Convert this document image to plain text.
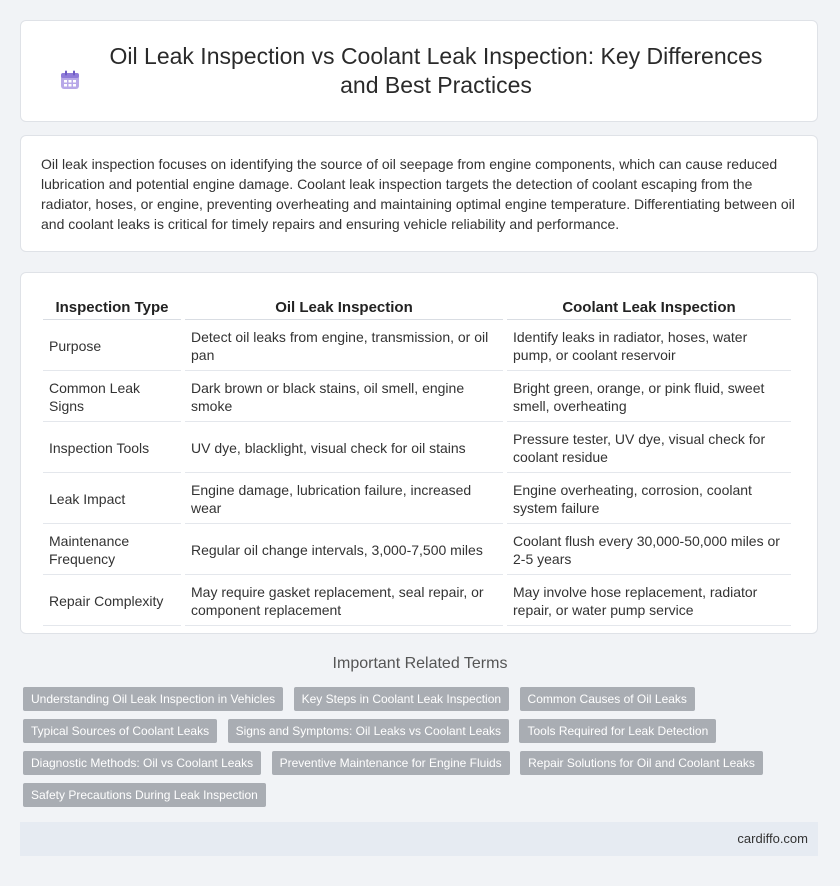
Oil Leak Inspection vs Coolant Leak Inspection: Key Differences and Best Practices

Oil leak inspection focuses on identifying the source of oil seepage from engine components, which can cause reduced lubrication and potential engine damage. Coolant leak inspection targets the detection of coolant escaping from the radiator, hoses, or engine, preventing overheating and maintaining optimal engine temperature. Differentiating between oil and coolant leaks is critical for timely repairs and ensuring vehicle reliability and performance.

Inspection Type	Oil Leak Inspection	Coolant Leak Inspection
Purpose	Detect oil leaks from engine, transmission, or oil pan	Identify leaks in radiator, hoses, water pump, or coolant reservoir
Common Leak Signs	Dark brown or black stains, oil smell, engine smoke	Bright green, orange, or pink fluid, sweet smell, overheating
Inspection Tools	UV dye, blacklight, visual check for oil stains	Pressure tester, UV dye, visual check for coolant residue
Leak Impact	Engine damage, lubrication failure, increased wear	Engine overheating, corrosion, coolant system failure
Maintenance Frequency	Regular oil change intervals, 3,000-7,500 miles	Coolant flush every 30,000-50,000 miles or 2-5 years
Repair Complexity	May require gasket replacement, seal repair, or component replacement	May involve hose replacement, radiator repair, or water pump service
Important Related Terms
Understanding Oil Leak Inspection in Vehicles Key Steps in Coolant Leak Inspection Common Causes of Oil Leaks Typical Sources of Coolant Leaks Signs and Symptoms: Oil Leaks vs Coolant Leaks Tools Required for Leak Detection Diagnostic Methods: Oil vs Coolant Leaks Preventive Maintenance for Engine Fluids Repair Solutions for Oil and Coolant Leaks Safety Precautions During Leak Inspection
cardiffo.com
